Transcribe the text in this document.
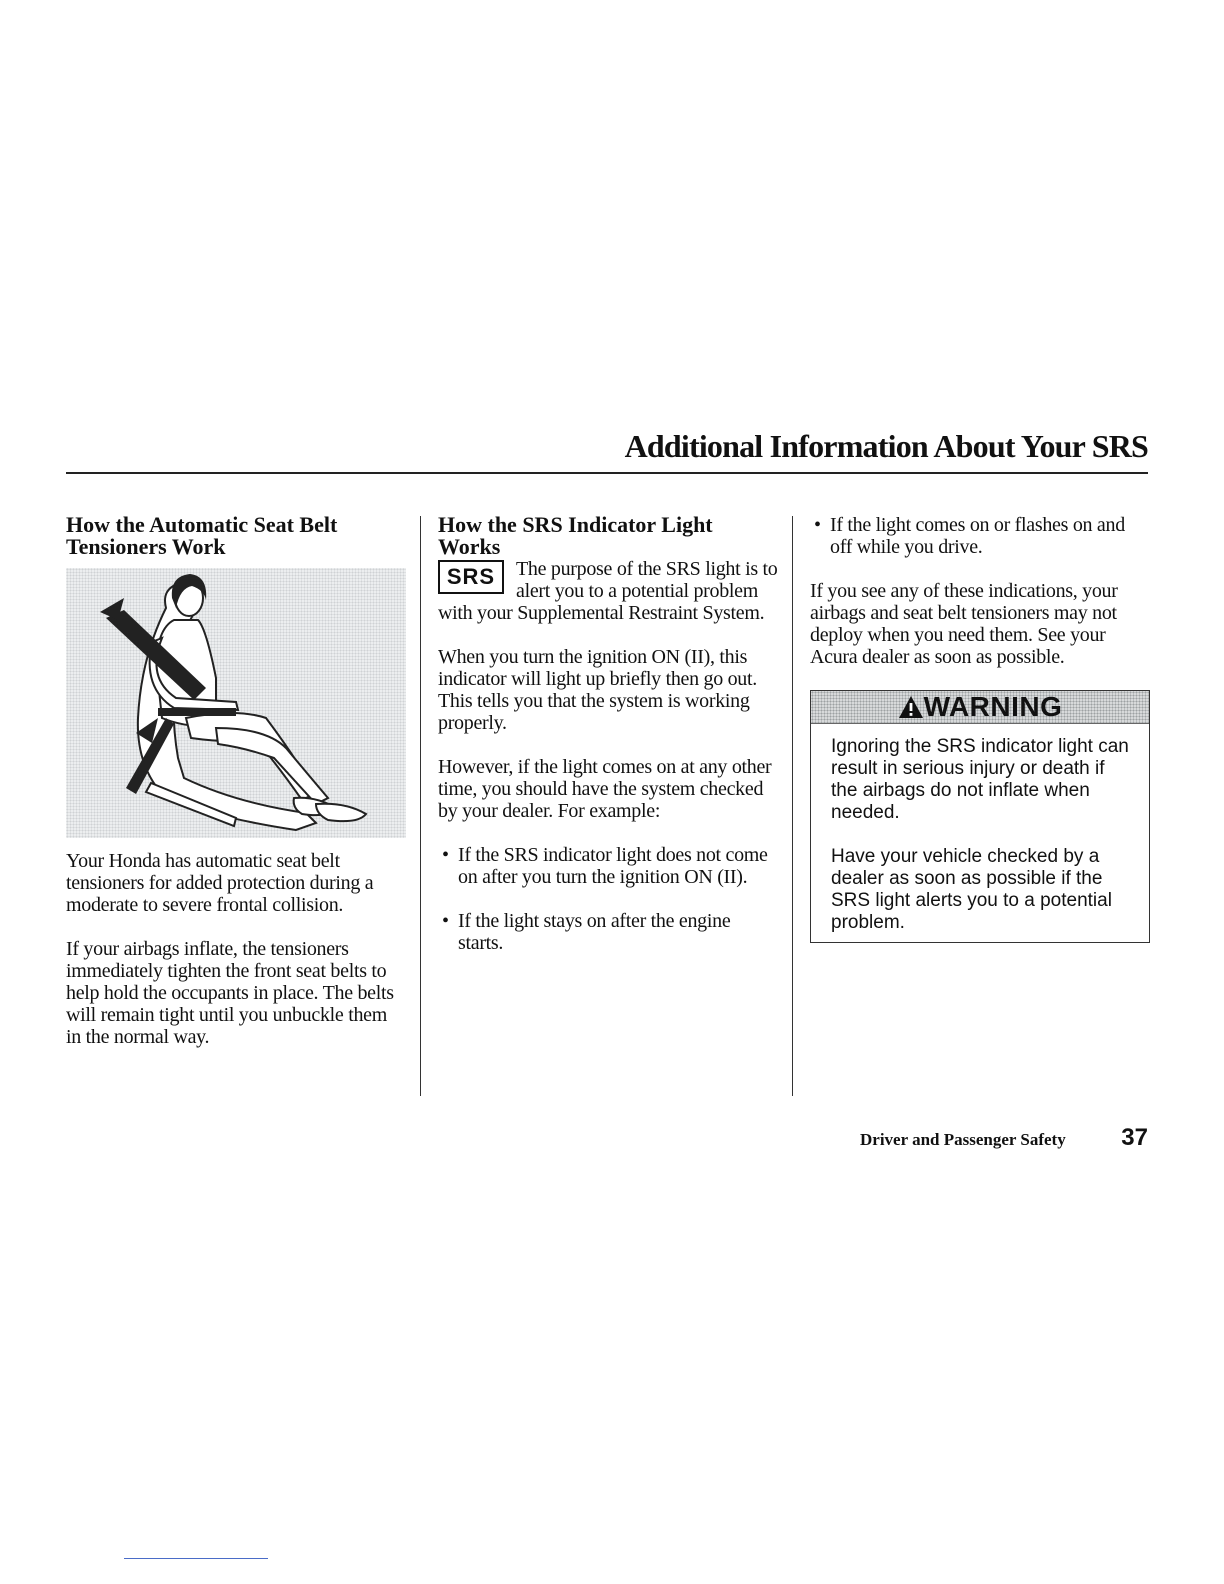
Additional Information About Your SRS
How the Automatic Seat Belt Tensioners Work

Your Honda has automatic seat belt tensioners for added protection during a moderate to severe frontal collision.

If your airbags inflate, the tensioners immediately tighten the front seat belts to help hold the occupants in place. The belts will remain tight until you unbuckle them in the normal way.

How the SRS Indicator Light Works

SRS	The purpose of the SRS light is to alert you to a potential problem with your Supplemental Restraint System.

When you turn the ignition ON (II), this indicator will light up briefly then go out. This tells you that the system is working properly.

However, if the light comes on at any other time, you should have the system checked by your dealer. For example:

• If the SRS indicator light does not come on after you turn the ignition ON (II).
• If the light stays on after the engine starts.
• If the light comes on or flashes on and off while you drive.

If you see any of these indications, your airbags and seat belt tensioners may not deploy when you need them. See your Acura dealer as soon as possible.

WARNING

Ignoring the SRS indicator light can result in serious injury or death if the airbags do not inflate when needed.

Have your vehicle checked by a dealer as soon as possible if the SRS light alerts you to a potential problem.

Driver and Passenger Safety 37
